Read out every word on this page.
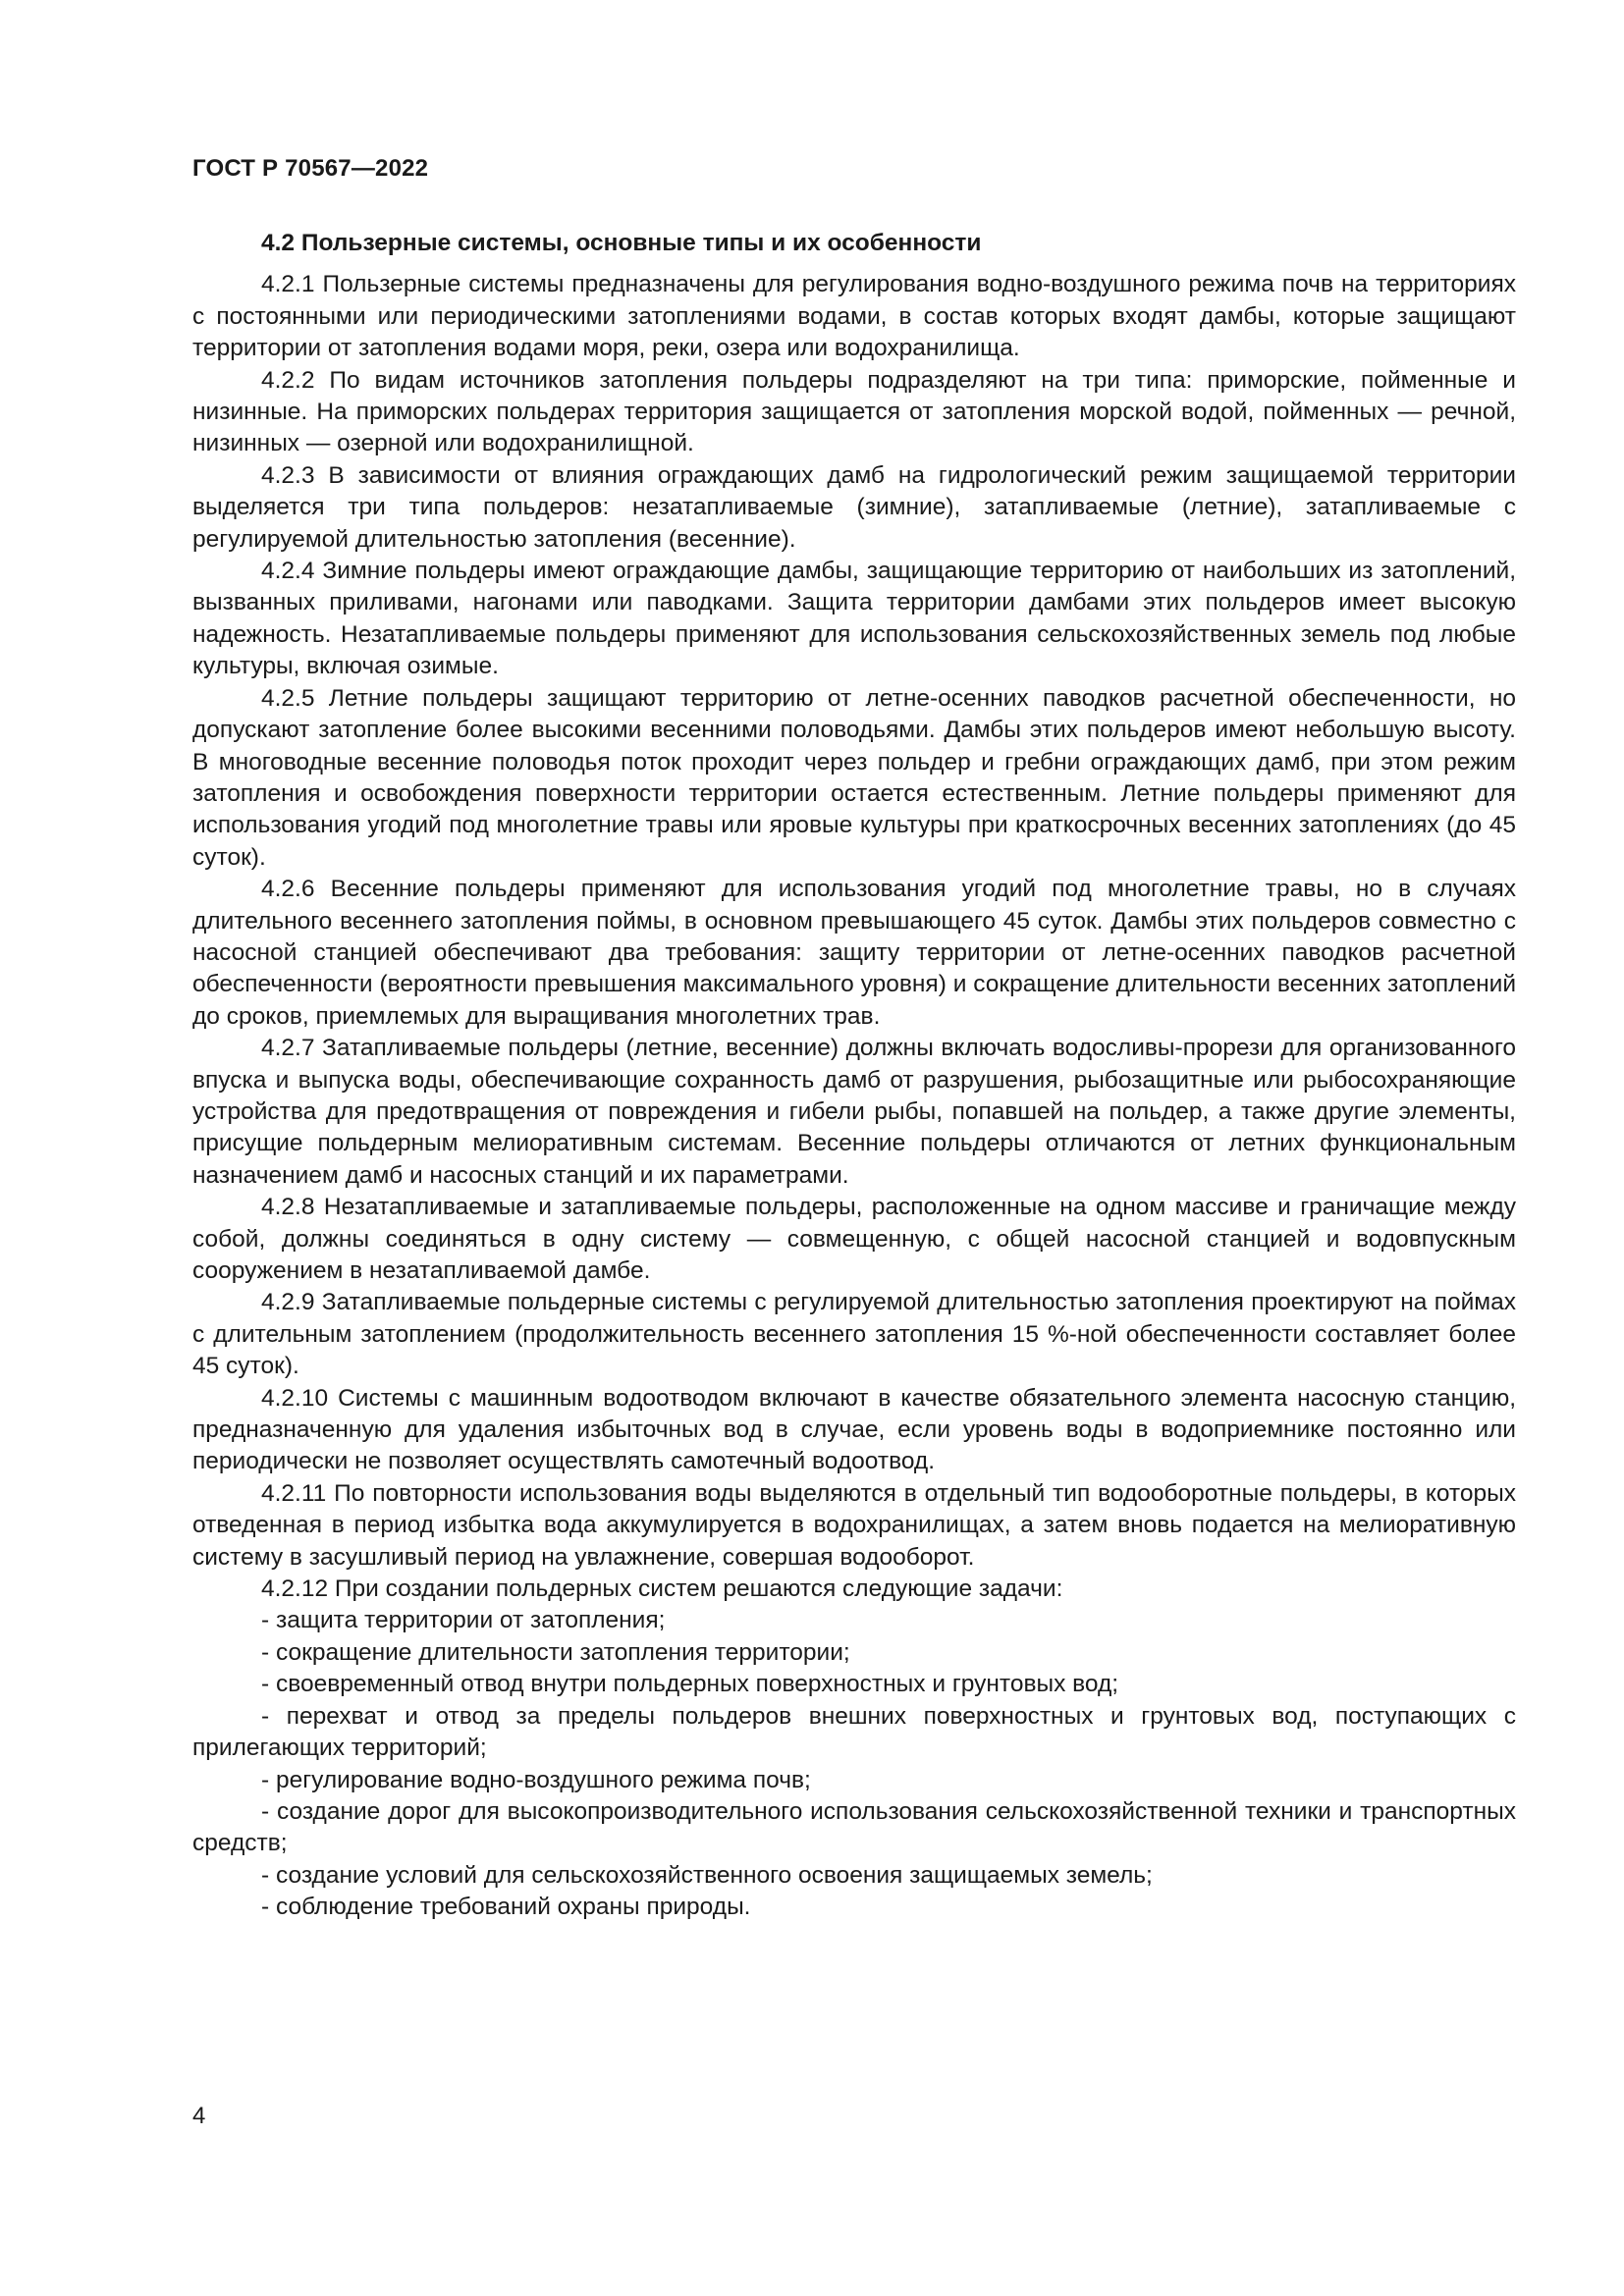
ГОСТ Р 70567—2022
4.2 Пользерные системы, основные типы и их особенности

4.2.1 Пользерные системы предназначены для регулирования водно-воздушного режима почв на территориях с постоянными или периодическими затоплениями водами, в состав которых входят дамбы, которые защищают территории от затопления водами моря, реки, озера или водохранилища.

4.2.2 По видам источников затопления польдеры подразделяют на три типа: приморские, пойменные и низинные. На приморских польдерах территория защищается от затопления морской водой, пойменных — речной, низинных — озерной или водохранилищной.

4.2.3 В зависимости от влияния ограждающих дамб на гидрологический режим защищаемой территории выделяется три типа польдеров: незатапливаемые (зимние), затапливаемые (летние), затапливаемые с регулируемой длительностью затопления (весенние).

4.2.4 Зимние польдеры имеют ограждающие дамбы, защищающие территорию от наибольших из затоплений, вызванных приливами, нагонами или паводками. Защита территории дамбами этих польдеров имеет высокую надежность. Незатапливаемые польдеры применяют для использования сельскохозяйственных земель под любые культуры, включая озимые.

4.2.5 Летние польдеры защищают территорию от летне-осенних паводков расчетной обеспеченности, но допускают затопление более высокими весенними половодьями. Дамбы этих польдеров имеют небольшую высоту. В многоводные весенние половодья поток проходит через польдер и гребни ограждающих дамб, при этом режим затопления и освобождения поверхности территории остается естественным. Летние польдеры применяют для использования угодий под многолетние травы или яровые культуры при краткосрочных весенних затоплениях (до 45 суток).

4.2.6 Весенние польдеры применяют для использования угодий под многолетние травы, но в случаях длительного весеннего затопления поймы, в основном превышающего 45 суток. Дамбы этих польдеров совместно с насосной станцией обеспечивают два требования: защиту территории от летне-осенних паводков расчетной обеспеченности (вероятности превышения максимального уровня) и сокращение длительности весенних затоплений до сроков, приемлемых для выращивания многолетних трав.

4.2.7 Затапливаемые польдеры (летние, весенние) должны включать водосливы-прорези для организованного впуска и выпуска воды, обеспечивающие сохранность дамб от разрушения, рыбозащитные или рыбосохраняющие устройства для предотвращения от повреждения и гибели рыбы, попавшей на польдер, а также другие элементы, присущие польдерным мелиоративным системам. Весенние польдеры отличаются от летних функциональным назначением дамб и насосных станций и их параметрами.

4.2.8 Незатапливаемые и затапливаемые польдеры, расположенные на одном массиве и граничащие между собой, должны соединяться в одну систему — совмещенную, с общей насосной станцией и водовпускным сооружением в незатапливаемой дамбе.

4.2.9 Затапливаемые польдерные системы с регулируемой длительностью затопления проектируют на поймах с длительным затоплением (продолжительность весеннего затопления 15 %-ной обеспеченности составляет более 45 суток).

4.2.10 Системы с машинным водоотводом включают в качестве обязательного элемента насосную станцию, предназначенную для удаления избыточных вод в случае, если уровень воды в водоприемнике постоянно или периодически не позволяет осуществлять самотечный водоотвод.

4.2.11 По повторности использования воды выделяются в отдельный тип водооборотные польдеры, в которых отведенная в период избытка вода аккумулируется в водохранилищах, а затем вновь подается на мелиоративную систему в засушливый период на увлажнение, совершая водооборот.

4.2.12 При создании польдерных систем решаются следующие задачи:

- защита территории от затопления;
- сокращение длительности затопления территории;
- своевременный отвод внутри польдерных поверхностных и грунтовых вод;
- перехват и отвод за пределы польдеров внешних поверхностных и грунтовых вод, поступающих с прилегающих территорий;
- регулирование водно-воздушного режима почв;
- создание дорог для высокопроизводительного использования сельскохозяйственной техники и транспортных средств;
- создание условий для сельскохозяйственного освоения защищаемых земель;
- соблюдение требований охраны природы.
4
